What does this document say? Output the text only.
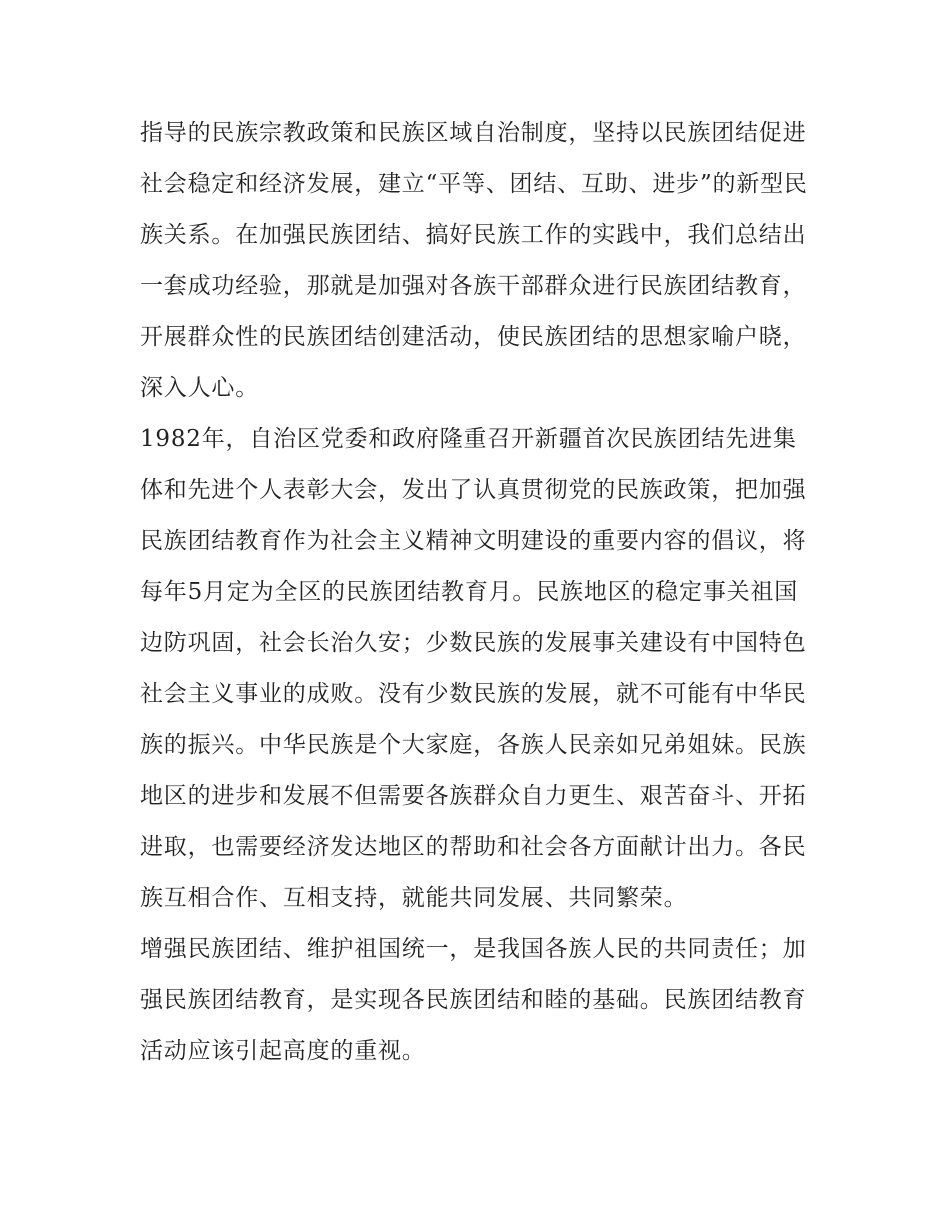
指导的民族宗教政策和民族区域自治制度，坚持以民族团结促进社会稳定和经济发展，建立“平等、团结、互助、进步”的新型民族关系。在加强民族团结、搞好民族工作的实践中，我们总结出一套成功经验，那就是加强对各族干部群众进行民族团结教育，开展群众性的民族团结创建活动，使民族团结的思想家喻户晓，深入人心。

1982年，自治区党委和政府隆重召开新疆首次民族团结先进集体和先进个人表彰大会，发出了认真贯彻党的民族政策，把加强民族团结教育作为社会主义精神文明建设的重要内容的倡议，将每年5月定为全区的民族团结教育月。民族地区的稳定事关祖国边防巩固，社会长治久安；少数民族的发展事关建设有中国特色社会主义事业的成败。没有少数民族的发展，就不可能有中华民族的振兴。中华民族是个大家庭，各族人民亲如兄弟姐妹。民族地区的进步和发展不但需要各族群众自力更生、艰苦奋斗、开拓进取，也需要经济发达地区的帮助和社会各方面献计出力。各民族互相合作、互相支持，就能共同发展、共同繁荣。

增强民族团结、维护祖国统一，是我国各族人民的共同责任；加强民族团结教育，是实现各民族团结和睦的基础。民族团结教育活动应该引起高度的重视。
